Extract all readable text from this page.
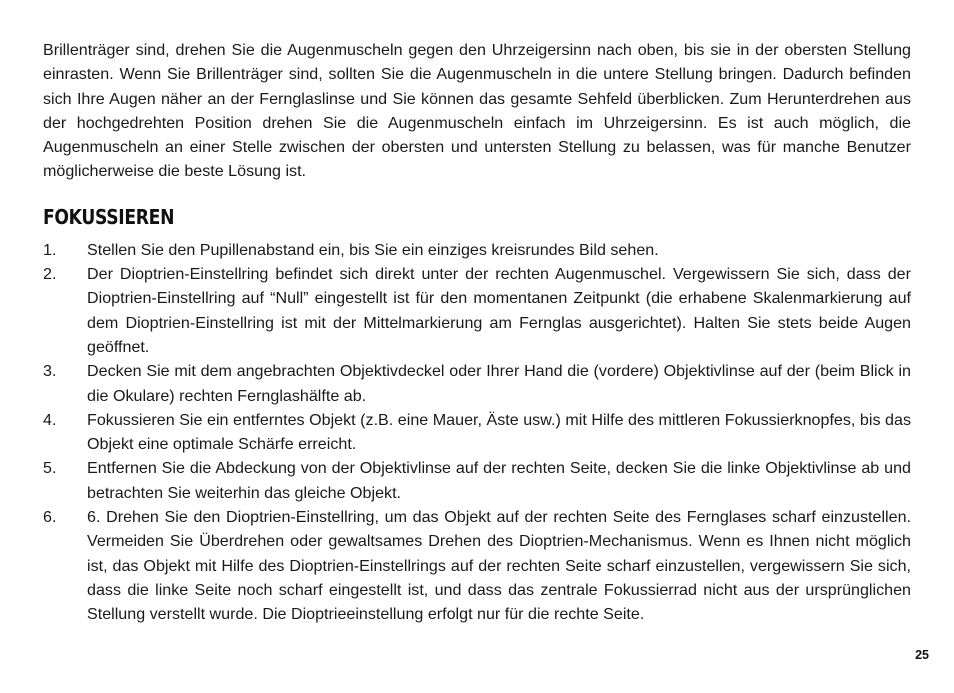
Brillenträger sind, drehen Sie die Augenmuscheln gegen den Uhrzeigersinn nach oben, bis sie in der obersten Stellung einrasten. Wenn Sie Brillenträger sind, sollten Sie die Augenmuscheln in die untere Stellung bringen. Dadurch befinden sich Ihre Augen näher an der Fernglaslinse und Sie können das gesamte Sehfeld überblicken. Zum Herunterdrehen aus der hochgedrehten Position drehen Sie die Augenmuscheln einfach im Uhrzeigersinn. Es ist auch möglich, die Augenmuscheln an einer Stelle zwischen der obersten und untersten Stellung zu belassen, was für manche Benutzer möglicherweise die beste Lösung ist.

FOKUSSIEREN
1.	Stellen Sie den Pupillenabstand ein, bis Sie ein einziges kreisrundes Bild sehen.
2.	Der Dioptrien-Einstellring befindet sich direkt unter der rechten Augenmuschel. Vergewissern Sie sich, dass der Dioptrien-Einstellring auf “Null” eingestellt ist für den momentanen Zeitpunkt (die erhabene Skalenmarkierung auf dem Dioptrien-Einstellring ist mit der Mittelmarkierung am Fernglas ausgerichtet). Halten Sie stets beide Augen geöffnet.
3.	Decken Sie mit dem angebrachten Objektivdeckel oder Ihrer Hand die (vordere) Objektivlinse auf der (beim Blick in die Okulare) rechten Fernglashälfte ab.
4.	Fokussieren Sie ein entferntes Objekt (z.B. eine Mauer, Äste usw.) mit Hilfe des mittleren Fokussierknopfes, bis das Objekt eine optimale Schärfe erreicht.
5.	Entfernen Sie die Abdeckung von der Objektivlinse auf der rechten Seite, decken Sie die linke Objektivlinse ab und betrachten Sie weiterhin das gleiche Objekt.
6.	6. Drehen Sie den Dioptrien-Einstellring, um das Objekt auf der rechten Seite des Fernglases scharf einzustellen. Vermeiden Sie Überdrehen oder gewaltsames Drehen des Dioptrien-Mechanismus. Wenn es Ihnen nicht möglich ist, das Objekt mit Hilfe des Dioptrien-Einstellrings auf der rechten Seite scharf einzustellen, vergewissern Sie sich, dass die linke Seite noch scharf eingestellt ist, und dass das zentrale Fokussierrad nicht aus der ursprünglichen Stellung verstellt wurde. Die Dioptrieeinstellung erfolgt nur für die rechte Seite.
25
